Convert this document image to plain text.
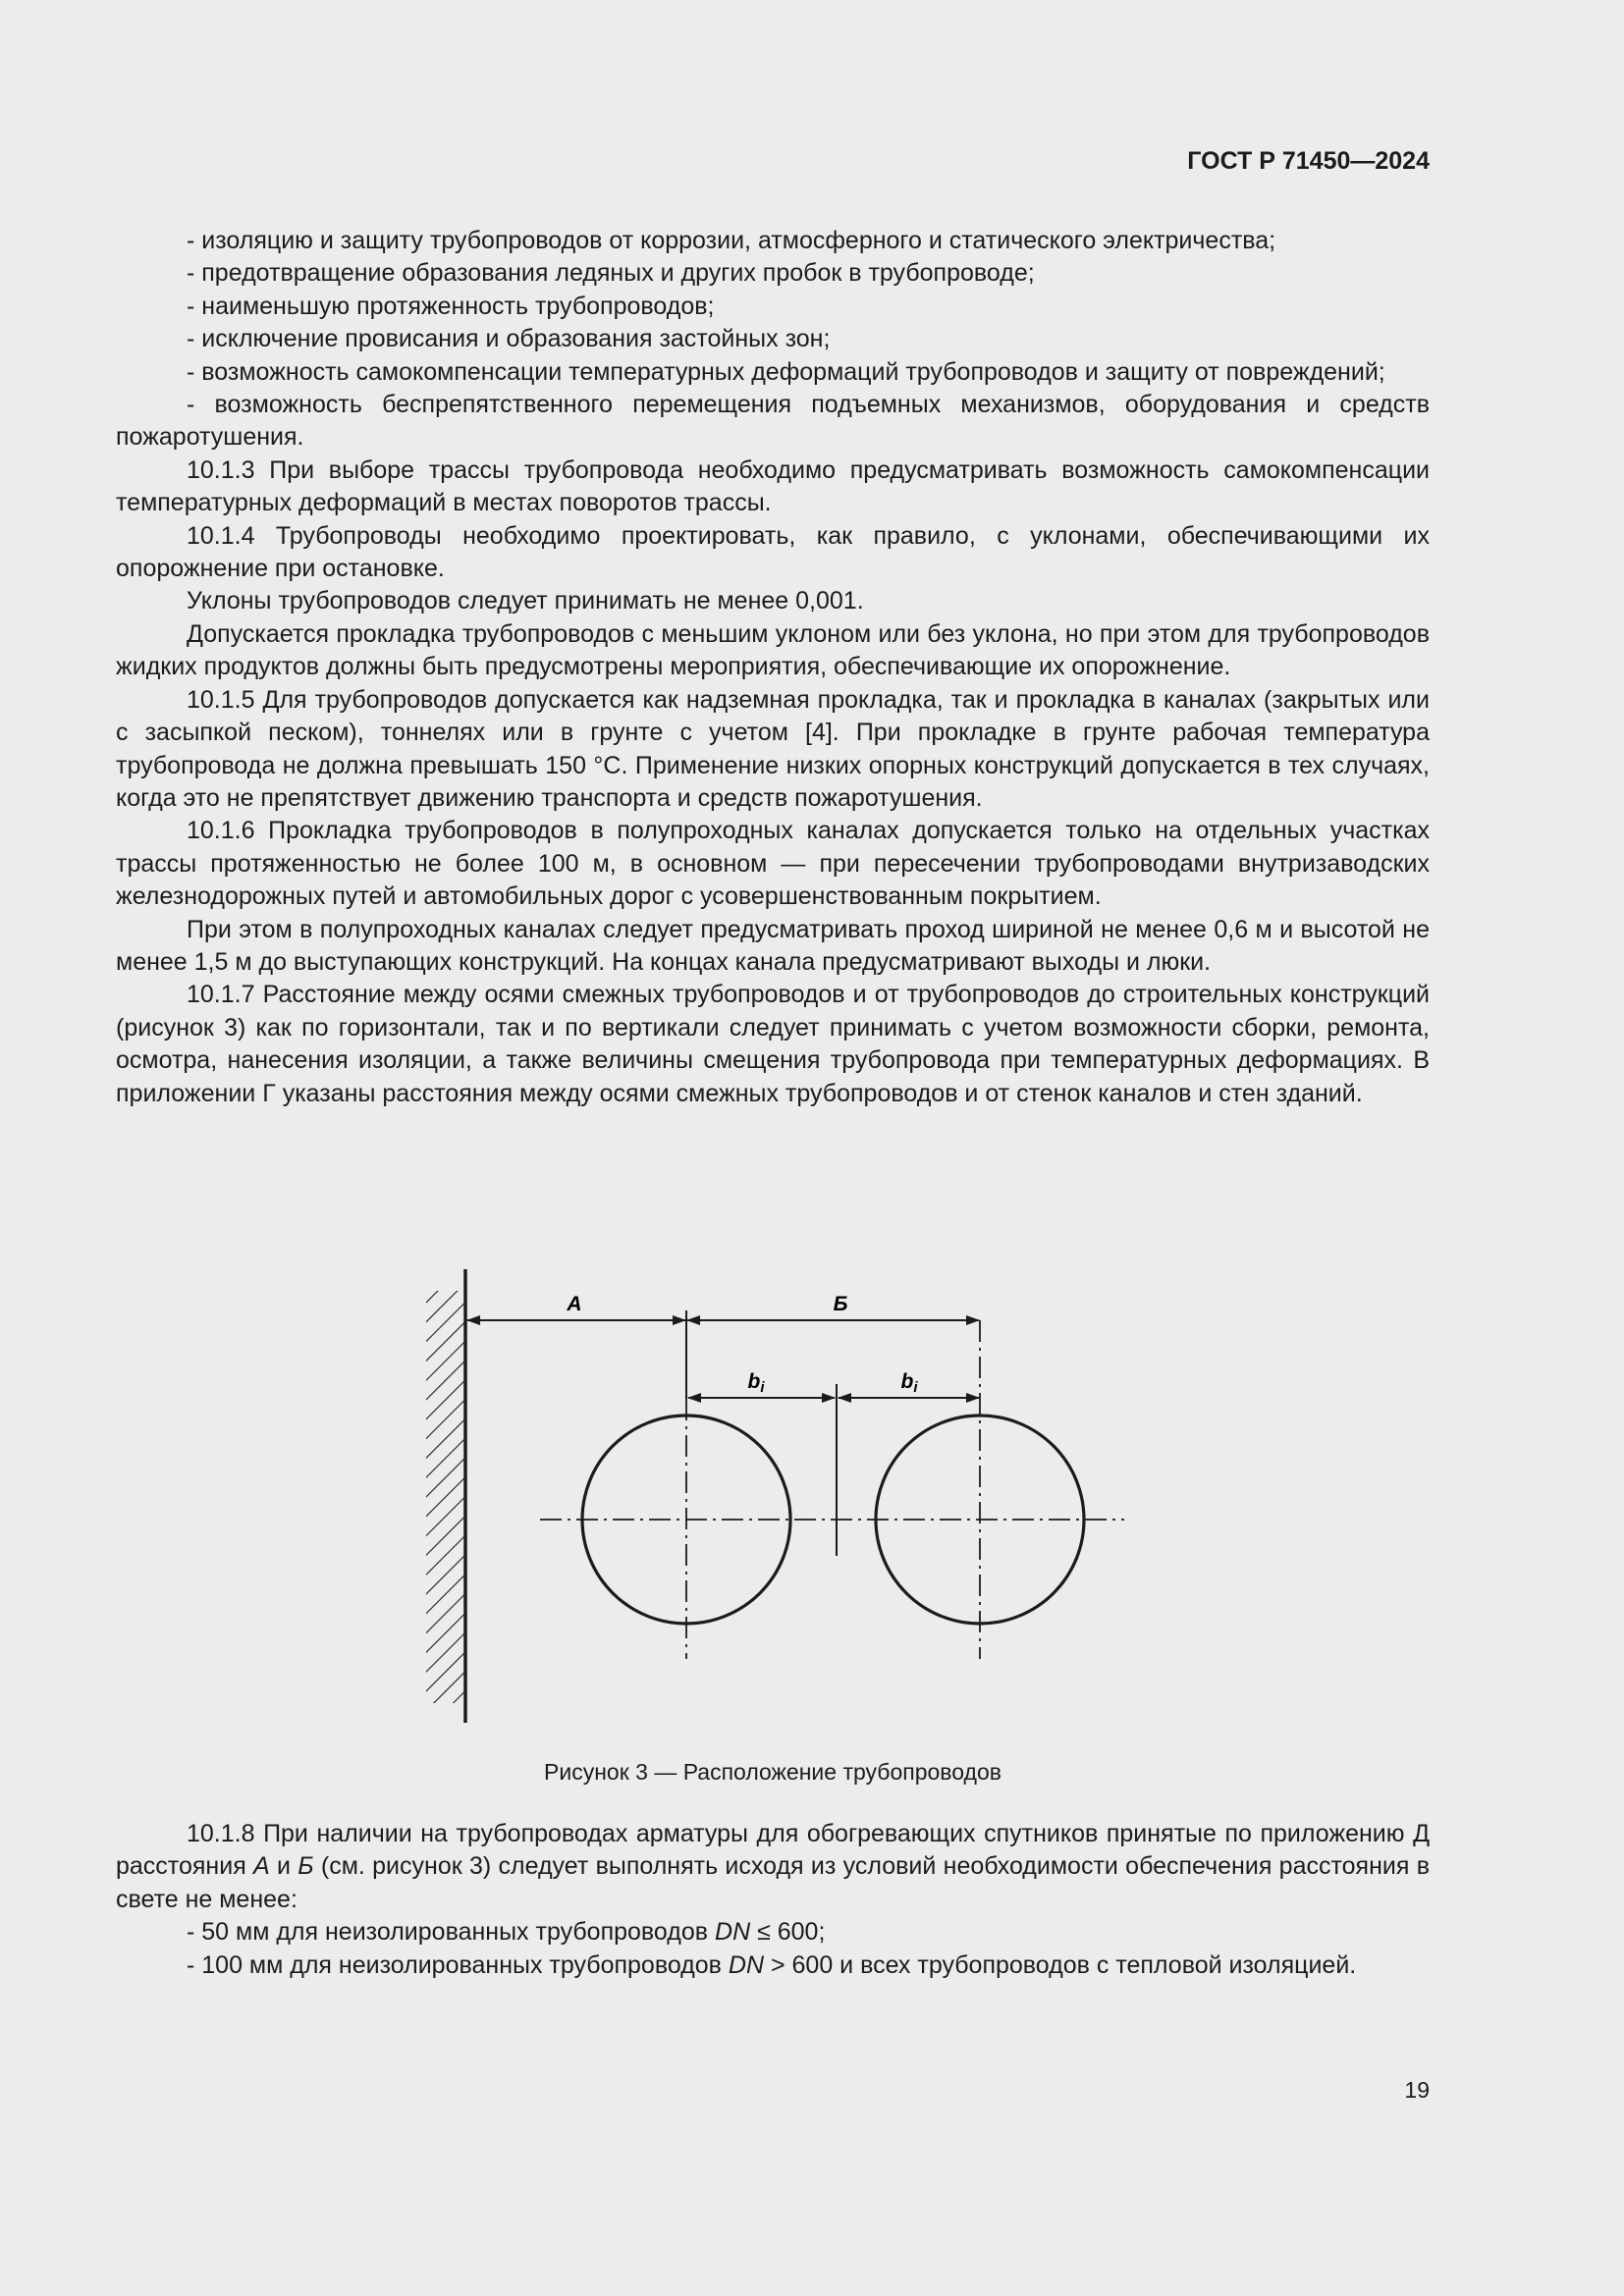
ГОСТ Р 71450—2024

- изоляцию и защиту трубопроводов от коррозии, атмосферного и статического электричества;

- предотвращение образования ледяных и других пробок в трубопроводе;

- наименьшую протяженность трубопроводов;

- исключение провисания и образования застойных зон;

- возможность самокомпенсации температурных деформаций трубопроводов и защиту от повреждений;

- возможность беспрепятственного перемещения подъемных механизмов, оборудования и средств пожаротушения.

10.1.3 При выборе трассы трубопровода необходимо предусматривать возможность самокомпенсации температурных деформаций в местах поворотов трассы.

10.1.4 Трубопроводы необходимо проектировать, как правило, с уклонами, обеспечивающими их опорожнение при остановке.

Уклоны трубопроводов следует принимать не менее 0,001.

Допускается прокладка трубопроводов с меньшим уклоном или без уклона, но при этом для трубопроводов жидких продуктов должны быть предусмотрены мероприятия, обеспечивающие их опорожнение.

10.1.5 Для трубопроводов допускается как надземная прокладка, так и прокладка в каналах (закрытых или с засыпкой песком), тоннелях или в грунте с учетом [4]. При прокладке в грунте рабочая температура трубопровода не должна превышать 150 °С. Применение низких опорных конструкций допускается в тех случаях, когда это не препятствует движению транспорта и средств пожаротушения.

10.1.6 Прокладка трубопроводов в полупроходных каналах допускается только на отдельных участках трассы протяженностью не более 100 м, в основном — при пересечении трубопроводами внутризаводских железнодорожных путей и автомобильных дорог с усовершенствованным покрытием.

При этом в полупроходных каналах следует предусматривать проход шириной не менее 0,6 м и высотой не менее 1,5 м до выступающих конструкций. На концах канала предусматривают выходы и люки.

10.1.7 Расстояние между осями смежных трубопроводов и от трубопроводов до строительных конструкций (рисунок 3) как по горизонтали, так и по вертикали следует принимать с учетом возможности сборки, ремонта, осмотра, нанесения изоляции, а также величины смещения трубопровода при температурных деформациях. В приложении Г указаны расстояния между осями смежных трубопроводов и от стенок каналов и стен зданий.

А	Б
bi	bi
Рисунок 3 — Расположение трубопроводов

10.1.8 При наличии на трубопроводах арматуры для обогревающих спутников принятые по приложению Д расстояния А и Б (см. рисунок 3) следует выполнять исходя из условий необходимости обеспечения расстояния в свете не менее:

- 50 мм для неизолированных трубопроводов DN ≤ 600;

- 100 мм для неизолированных трубопроводов DN > 600 и всех трубопроводов с тепловой изоляцией.

19
